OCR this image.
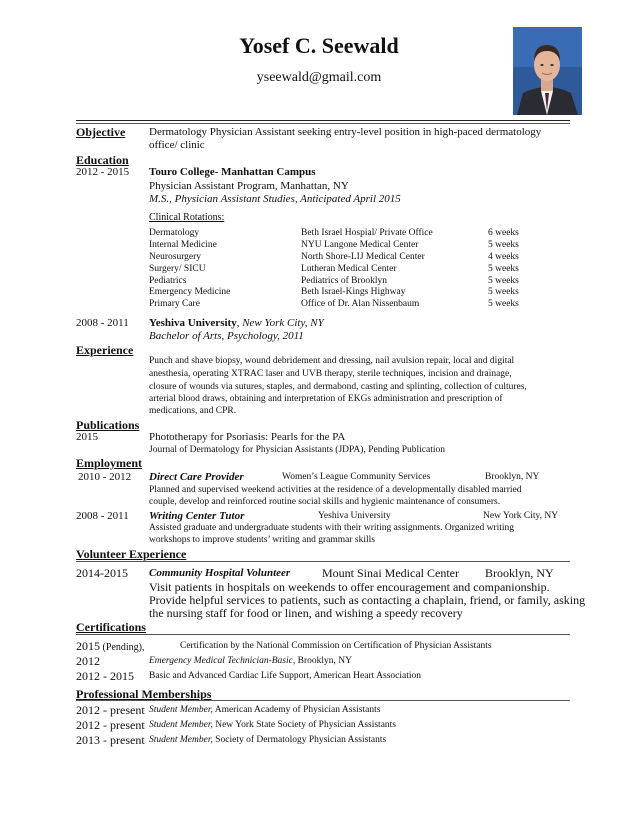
Yosef C. Seewald
yseewald@gmail.com
Objective Dermatology Physician Assistant seeking entry-level position in high-paced dermatology
office/ clinic
Education
2012 - 2015 Touro College- Manhattan Campus
Physician Assistant Program, Manhattan, NY
M.S., Physician Assistant Studies, Anticipated April 2015
Clinical Rotations:
Dermatology	Beth Israel Hospial/ Private Office	6 weeks
Internal Medicine	NYU Langone Medical Center	5 weeks
Neurosurgery	North Shore-LIJ Medical Center	4 weeks
Surgery/ SICU	Lutheran Medical Center	5 weeks
Pediatrics	Pediatrics of Brooklyn	5 weeks
Emergency Medicine	Beth Israel-Kings Highway	5 weeks
Primary Care	Office of Dr. Alan Nissenbaum	5 weeks
2008 - 2011 Yeshiva University, New York City, NY
Bachelor of Arts, Psychology, 2011
Experience
Punch and shave biopsy, wound debridement and dressing, nail avulsion repair, local and digital
anesthesia, operating XTRAC laser and UVB therapy, sterile techniques, incision and drainage,
closure of wounds via sutures, staples, and dermabond, casting and splinting, collection of cultures,
arterial blood draws, obtaining and interpretation of EKGs administration and prescription of
medications, and CPR.
Publications
2015	Phototherapy for Psoriasis: Pearls for the PA
Journal of Dermatology for Physician Assistants (JDPA), Pending Publication
Employment
2010 - 2012 Direct Care Provider	Women’s League Community Services	Brooklyn, NY
Planned and supervised weekend activities at the residence of a developmentally disabled married
couple, develop and reinforced routine social skills and hygienic maintenance of consumers.
2008 - 2011 Writing Center Tutor	Yeshiva University	New York City, NY
Assisted graduate and undergraduate students with their writing assignments. Organized writing
workshops to improve students’ writing and grammar skills
Volunteer Experience
2014-2015 Community Hospital Volunteer	Mount Sinai Medical Center Brooklyn, NY
Visit patients in hospitals on weekends to offer encouragement and companionship.
Provide helpful services to patients, such as contacting a chaplain, friend, or family, asking
the nursing staff for food or linen, and wishing a speedy recovery
Certifications
2015 (Pending),	Certification by the National Commission on Certification of Physician Assistants
2012	Emergency Medical Technician-Basic, Brooklyn, NY
2012 - 2015 Basic and Advanced Cardiac Life Support, American Heart Association
Professional Memberships
2012 - present Student Member, American Academy of Physician Assistants
2012 - present Student Member, New York State Society of Physician Assistants
2013 - present Student Member, Society of Dermatology Physician Assistants
